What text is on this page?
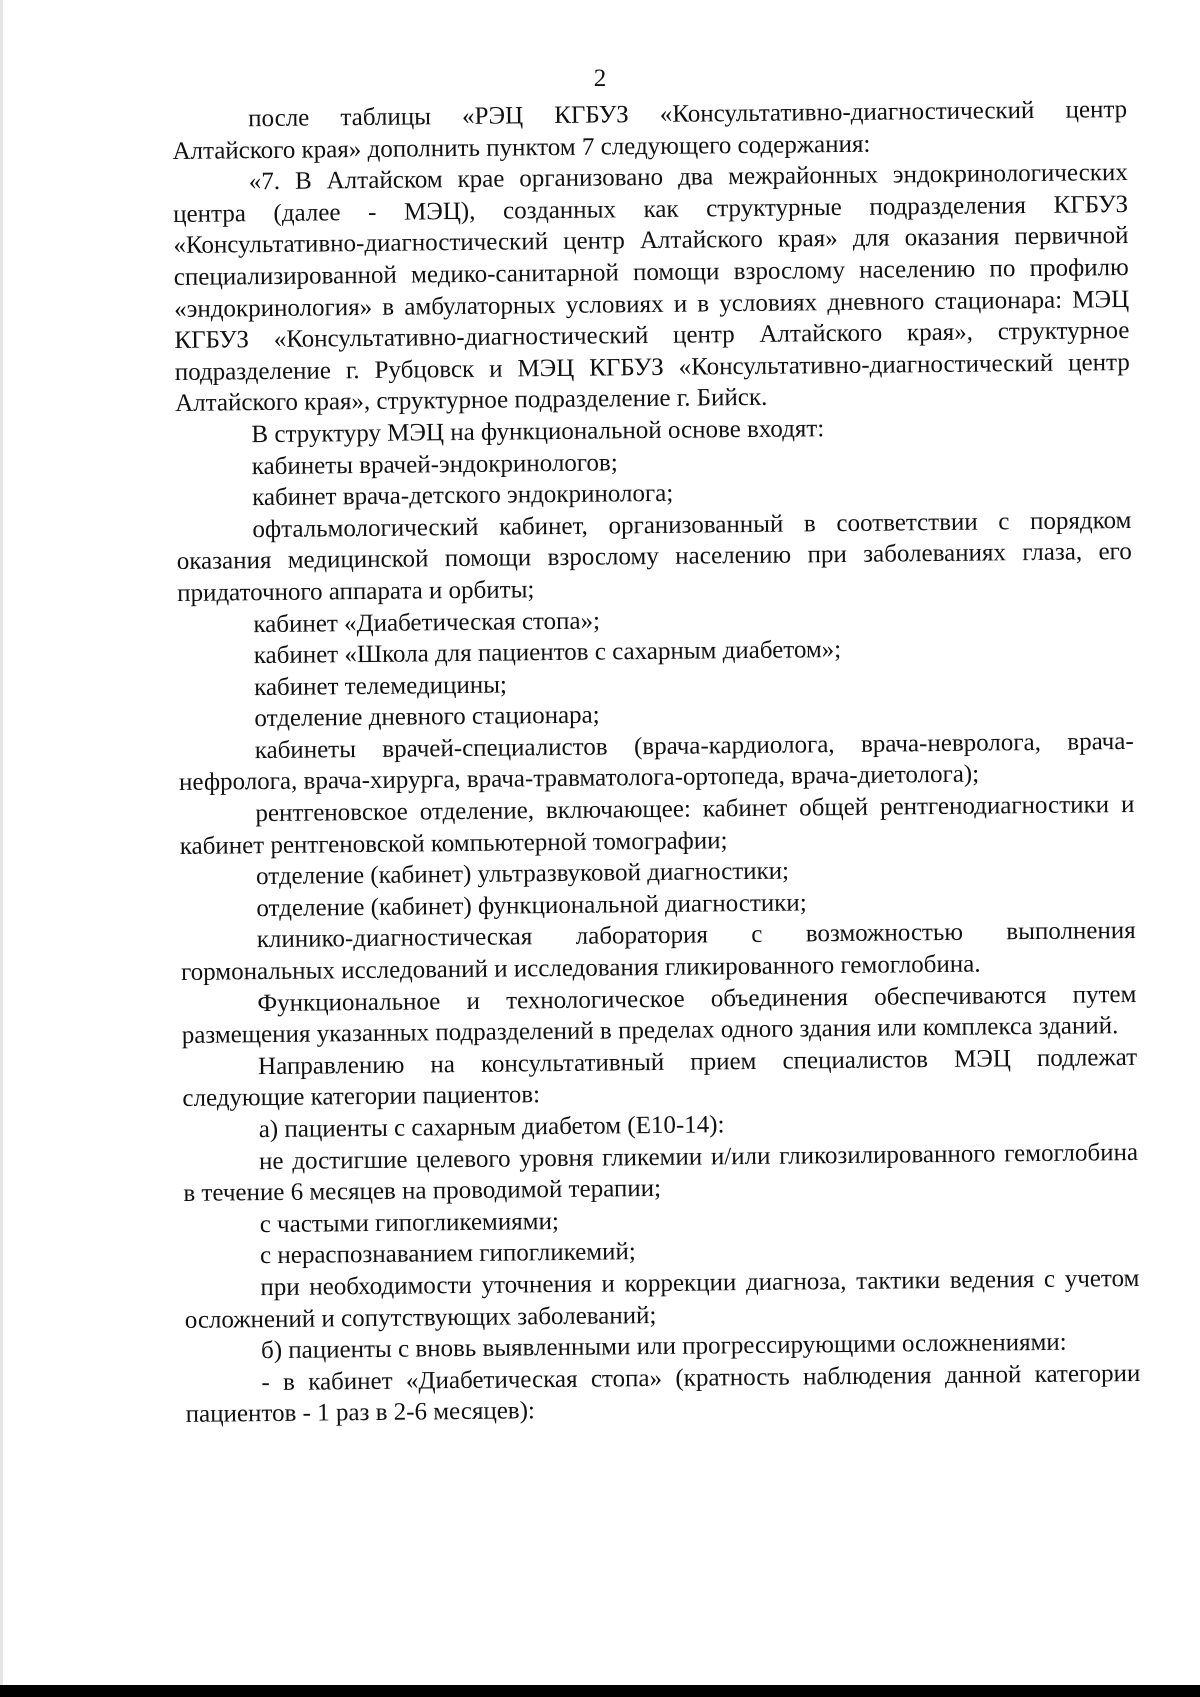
2

после таблицы «РЭЦ КГБУЗ «Консультативно-диагностический центр Алтайского края» дополнить пунктом 7 следующего содержания:

«7. В Алтайском крае организовано два межрайонных эндокринологических центра (далее - МЭЦ), созданных как структурные подразделения КГБУЗ «Консультативно-диагностический центр Алтайского края» для оказания первичной специализированной медико-санитарной помощи взрослому населению по профилю «эндокринология» в амбулаторных условиях и в условиях дневного стационара: МЭЦ КГБУЗ «Консультативно-диагностический центр Алтайского края», структурное подразделение г. Рубцовск и МЭЦ КГБУЗ «Консультативно-диагностический центр Алтайского края», структурное подразделение г. Бийск.

В структуру МЭЦ на функциональной основе входят:

кабинеты врачей-эндокринологов;

кабинет врача-детского эндокринолога;

офтальмологический кабинет, организованный в соответствии с порядком оказания медицинской помощи взрослому населению при заболеваниях глаза, его придаточного аппарата и орбиты;

кабинет «Диабетическая стопа»;

кабинет «Школа для пациентов с сахарным диабетом»;

кабинет телемедицины;

отделение дневного стационара;

кабинеты врачей-специалистов (врача-кардиолога, врача-невролога, врача-нефролога, врача-хирурга, врача-травматолога-ортопеда, врача-диетолога);

рентгеновское отделение, включающее: кабинет общей рентгенодиагностики и кабинет рентгеновской компьютерной томографии;

отделение (кабинет) ультразвуковой диагностики;

отделение (кабинет) функциональной диагностики;

клинико-диагностическая лаборатория с возможностью выполнения гормональных исследований и исследования гликированного гемоглобина.

Функциональное и технологическое объединения обеспечиваются путем размещения указанных подразделений в пределах одного здания или комплекса зданий.

Направлению на консультативный прием специалистов МЭЦ подлежат следующие категории пациентов:

а) пациенты с сахарным диабетом (Е10-14):

не достигшие целевого уровня гликемии и/или гликозилированного гемоглобина в течение 6 месяцев на проводимой терапии;

с частыми гипогликемиями;

с нераспознаванием гипогликемий;

при необходимости уточнения и коррекции диагноза, тактики ведения с учетом осложнений и сопутствующих заболеваний;

б) пациенты с вновь выявленными или прогрессирующими осложнениями:

- в кабинет «Диабетическая стопа» (кратность наблюдения данной категории пациентов - 1 раз в 2-6 месяцев):
